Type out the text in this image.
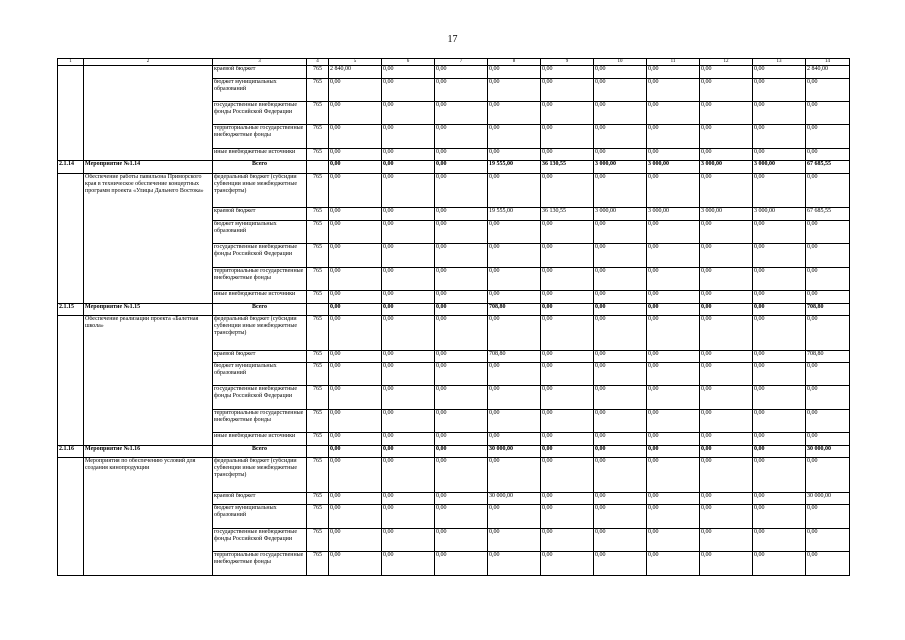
17
1	2	3	4	5	6	7	8	9	10	11	12	13	14
		краевой бюджет	765	2 840,00	0,00	0,00	0,00	0,00	0,00	0,00	0,00	0,00	2 840,00
		бюджет муниципальных образований	765	0,00	0,00	0,00	0,00	0,00	0,00	0,00	0,00	0,00	0,00
		государственные внебюджетные фонды Российской Федерации	765	0,00	0,00	0,00	0,00	0,00	0,00	0,00	0,00	0,00	0,00
		территориальные государственные внебюджетные фонды	765	0,00	0,00	0,00	0,00	0,00	0,00	0,00	0,00	0,00	0,00
		иные внебюджетные источники	765	0,00	0,00	0,00	0,00	0,00	0,00	0,00	0,00	0,00	0,00
2.1.14	Мероприятие №1.14	Всего		0,00	0,00	0,00	19 555,00	36 130,55	3 000,00	3 000,00	3 000,00	3 000,00	67 685,55
	Обеспечение работы павильона Приморского края в техническое обеспечение концертных программ проекта «Улицы Дальнего Востока»	федеральный бюджет (субсидии субвенции иные межбюджетные трансферты)	765	0,00	0,00	0,00	0,00	0,00	0,00	0,00	0,00	0,00	0,00
		краевой бюджет	765	0,00	0,00	0,00	19 555,00	36 130,55	3 000,00	3 000,00	3 000,00	3 000,00	67 685,55
		бюджет муниципальных образований	765	0,00	0,00	0,00	0,00	0,00	0,00	0,00	0,00	0,00	0,00
		государственные внебюджетные фонды Российской Федерации	765	0,00	0,00	0,00	0,00	0,00	0,00	0,00	0,00	0,00	0,00
		территориальные государственные внебюджетные фонды	765	0,00	0,00	0,00	0,00	0,00	0,00	0,00	0,00	0,00	0,00
		иные внебюджетные источники	765	0,00	0,00	0,00	0,00	0,00	0,00	0,00	0,00	0,00	0,00
2.1.15	Мероприятие №1.15	Всего		0,00	0,00	0,00	708,80	0,00	0,00	0,00	0,00	0,00	708,80
	Обеспечение реализации проекта «Балетная школа»	федеральный бюджет (субсидии субвенции иные межбюджетные трансферты)	765	0,00	0,00	0,00	0,00	0,00	0,00	0,00	0,00	0,00	0,00
		краевой бюджет	765	0,00	0,00	0,00	708,80	0,00	0,00	0,00	0,00	0,00	708,80
		бюджет муниципальных образований	765	0,00	0,00	0,00	0,00	0,00	0,00	0,00	0,00	0,00	0,00
		государственные внебюджетные фонды Российской Федерации	765	0,00	0,00	0,00	0,00	0,00	0,00	0,00	0,00	0,00	0,00
		территориальные государственные внебюджетные фонды	765	0,00	0,00	0,00	0,00	0,00	0,00	0,00	0,00	0,00	0,00
		иные внебюджетные источники	765	0,00	0,00	0,00	0,00	0,00	0,00	0,00	0,00	0,00	0,00
2.1.16	Мероприятие №1.16	Всего		0,00	0,00	0,00	30 000,00	0,00	0,00	0,00	0,00	0,00	30 000,00
	Мероприятия по обеспечению условий для создания кинопродукции	федеральный бюджет (субсидии субвенции иные межбюджетные трансферты)	765	0,00	0,00	0,00	0,00	0,00	0,00	0,00	0,00	0,00	0,00
		краевой бюджет	765	0,00	0,00	0,00	30 000,00	0,00	0,00	0,00	0,00	0,00	30 000,00
		бюджет муниципальных образований	765	0,00	0,00	0,00	0,00	0,00	0,00	0,00	0,00	0,00	0,00
		государственные внебюджетные фонды Российской Федерации	765	0,00	0,00	0,00	0,00	0,00	0,00	0,00	0,00	0,00	0,00
		территориальные государственные внебюджетные фонды	765	0,00	0,00	0,00	0,00	0,00	0,00	0,00	0,00	0,00	0,00
